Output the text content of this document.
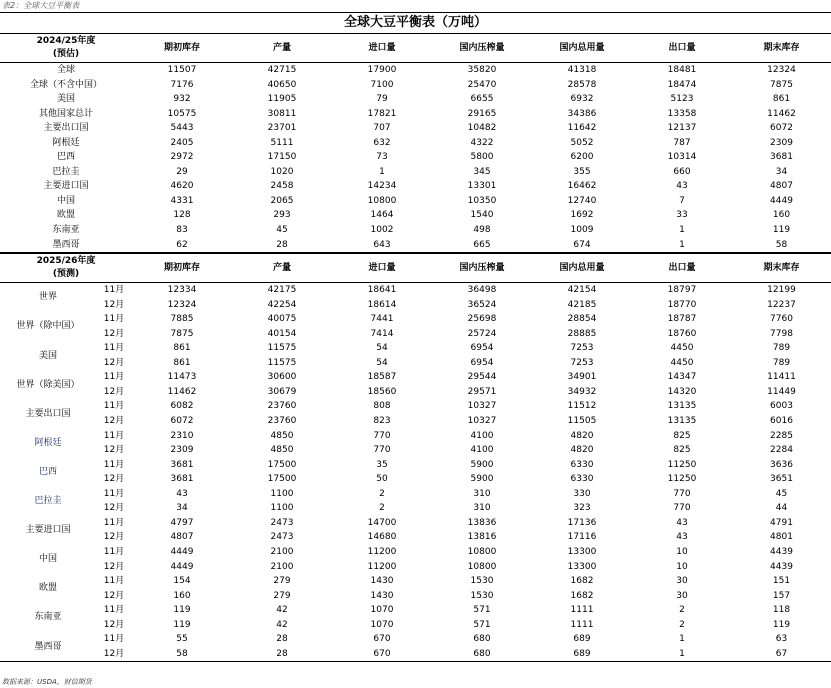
表2：全球大豆平衡表
全球大豆平衡表（万吨）
2024/25年度
(预估)		期初库存	产量	进口量	国内压榨量	国内总用量	出口量	期末库存
全球		11507	42715	17900	35820	41318	18481	12324
全球（不含中国）		7176	40650	7100	25470	28578	18474	7875
美国		932	11905	79	6655	6932	5123	861
其他国家总计		10575	30811	17821	29165	34386	13358	11462
主要出口国		5443	23701	707	10482	11642	12137	6072
阿根廷		2405	5111	632	4322	5052	787	2309
巴西		2972	17150	73	5800	6200	10314	3681
巴拉圭		29	1020	1	345	355	660	34
主要进口国		4620	2458	14234	13301	16462	43	4807
中国		4331	2065	10800	10350	12740	7	4449
欧盟		128	293	1464	1540	1692	33	160
东南亚		83	45	1002	498	1009	1	119
墨西哥		62	28	643	665	674	1	58

2025/26年度
(预测)		期初库存	产量	进口量	国内压榨量	国内总用量	出口量	期末库存
世界	11月	12334	42175	18641	36498	42154	18797	12199
	12月	12324	42254	18614	36524	42185	18770	12237
世界（除中国）	11月	7885	40075	7441	25698	28854	18787	7760
	12月	7875	40154	7414	25724	28885	18760	7798
美国	11月	861	11575	54	6954	7253	4450	789
	12月	861	11575	54	6954	7253	4450	789
世界（除美国）	11月	11473	30600	18587	29544	34901	14347	11411
	12月	11462	30679	18560	29571	34932	14320	11449
主要出口国	11月	6082	23760	808	10327	11512	13135	6003
	12月	6072	23760	823	10327	11505	13135	6016
阿根廷	11月	2310	4850	770	4100	4820	825	2285
	12月	2309	4850	770	4100	4820	825	2284
巴西	11月	3681	17500	35	5900	6330	11250	3636
	12月	3681	17500	50	5900	6330	11250	3651
巴拉圭	11月	43	1100	2	310	330	770	45
	12月	34	1100	2	310	323	770	44
主要进口国	11月	4797	2473	14700	13836	17136	43	4791
	12月	4807	2473	14680	13816	17116	43	4801
中国	11月	4449	2100	11200	10800	13300	10	4439
	12月	4449	2100	11200	10800	13300	10	4439
欧盟	11月	154	279	1430	1530	1682	30	151
	12月	160	279	1430	1530	1682	30	157
东南亚	11月	119	42	1070	571	1111	2	118
	12月	119	42	1070	571	1111	2	119
墨西哥	11月	55	28	670	680	689	1	63
	12月	58	28	670	680	689	1	67
数据来源：USDA，财信期货
